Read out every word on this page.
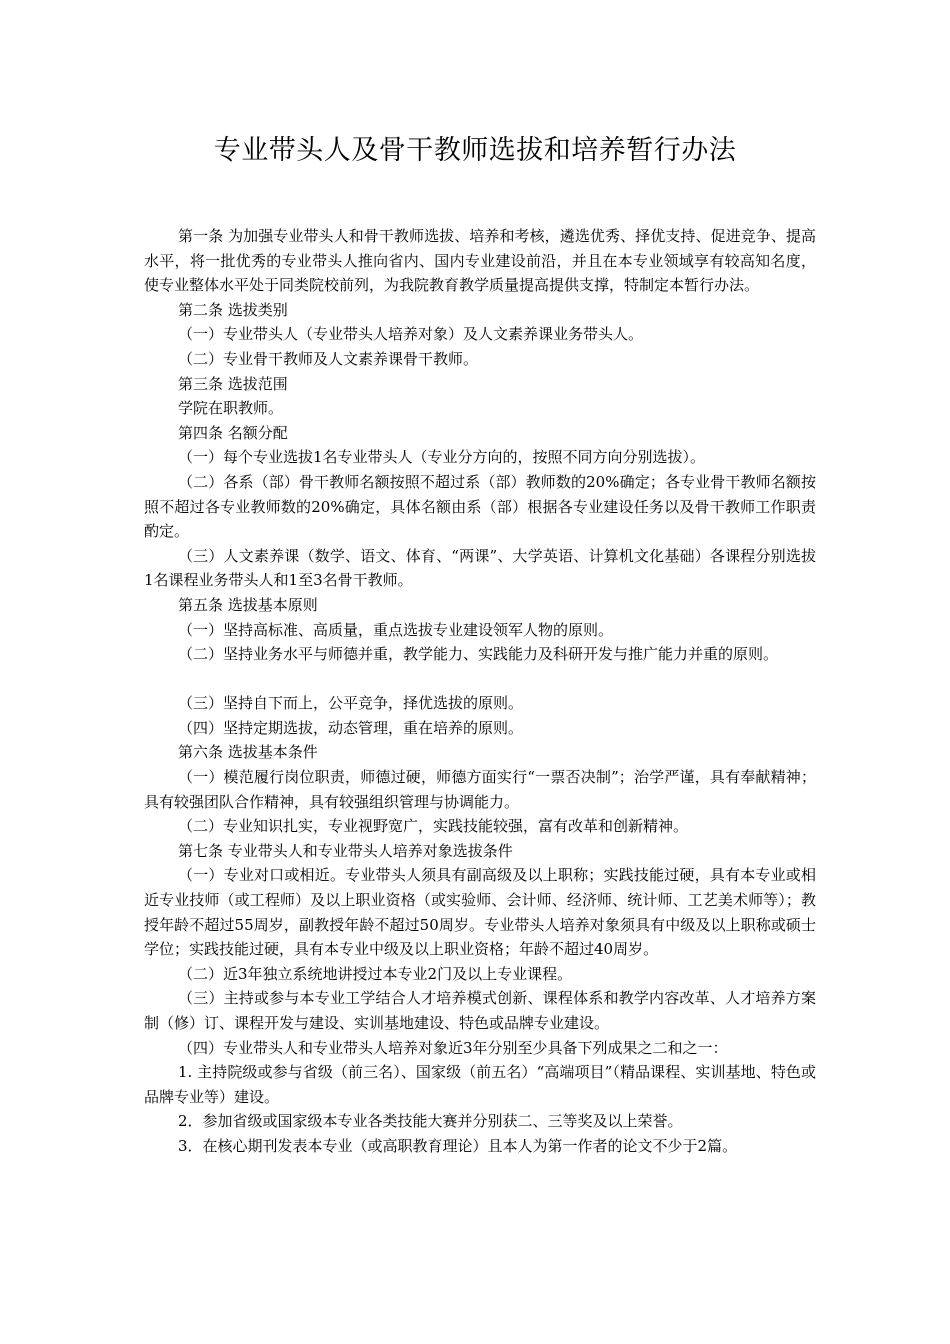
专业带头人及骨干教师选拔和培养暂行办法

第一条 为加强专业带头人和骨干教师选拔、培养和考核，遴选优秀、择优支持、促进竞争、提高水平，将一批优秀的专业带头人推向省内、国内专业建设前沿，并且在本专业领域享有较高知名度，使专业整体水平处于同类院校前列，为我院教育教学质量提高提供支撑，特制定本暂行办法。

第二条 选拔类别

（一）专业带头人（专业带头人培养对象）及人文素养课业务带头人。

（二）专业骨干教师及人文素养课骨干教师。

第三条 选拔范围

学院在职教师。

第四条 名额分配

（一）每个专业选拔1名专业带头人（专业分方向的，按照不同方向分别选拔）。

（二）各系（部）骨干教师名额按照不超过系（部）教师数的20%确定；各专业骨干教师名额按照不超过各专业教师数的20%确定，具体名额由系（部）根据各专业建设任务以及骨干教师工作职责酌定。

（三）人文素养课（数学、语文、体育、“两课”、大学英语、计算机文化基础）各课程分别选拔1名课程业务带头人和1至3名骨干教师。

第五条 选拔基本原则

（一）坚持高标准、高质量，重点选拔专业建设领军人物的原则。

（二）坚持业务水平与师德并重，教学能力、实践能力及科研开发与推广能力并重的原则。

（三）坚持自下而上，公平竞争，择优选拔的原则。

（四）坚持定期选拔，动态管理，重在培养的原则。

第六条 选拔基本条件

（一）模范履行岗位职责，师德过硬，师德方面实行“一票否决制”；治学严谨，具有奉献精神；具有较强团队合作精神，具有较强组织管理与协调能力。

（二）专业知识扎实，专业视野宽广，实践技能较强，富有改革和创新精神。

第七条 专业带头人和专业带头人培养对象选拔条件

（一）专业对口或相近。专业带头人须具有副高级及以上职称；实践技能过硬，具有本专业或相近专业技师（或工程师）及以上职业资格（或实验师、会计师、经济师、统计师、工艺美术师等）；教授年龄不超过55周岁，副教授年龄不超过50周岁。专业带头人培养对象须具有中级及以上职称或硕士学位；实践技能过硬，具有本专业中级及以上职业资格；年龄不超过40周岁。

（二）近3年独立系统地讲授过本专业2门及以上专业课程。

（三）主持或参与本专业工学结合人才培养模式创新、课程体系和教学内容改革、人才培养方案制（修）订、课程开发与建设、实训基地建设、特色或品牌专业建设。

（四）专业带头人和专业带头人培养对象近3年分别至少具备下列成果之二和之一：

1. 主持院级或参与省级（前三名）、国家级（前五名）“高端项目”（精品课程、实训基地、特色或品牌专业等）建设。

2．参加省级或国家级本专业各类技能大赛并分别获二、三等奖及以上荣誉。

3．在核心期刊发表本专业（或高职教育理论）且本人为第一作者的论文不少于2篇。
